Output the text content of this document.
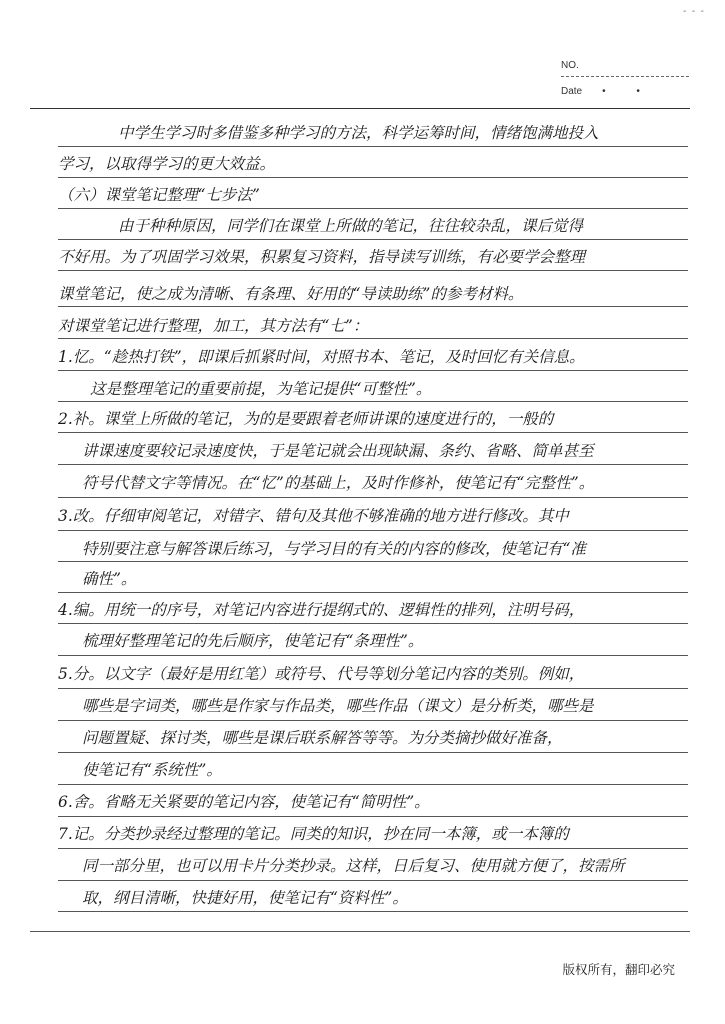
- - -
NO.
Date • •
中学生学习时多借鉴多种学习的方法，科学运筹时间，情绪饱满地投入
学习，以取得学习的更大效益。
（六）课堂笔记整理“七步法”
由于种种原因，同学们在课堂上所做的笔记，往往较杂乱，课后觉得
不好用。为了巩固学习效果，积累复习资料，指导读写训练，有必要学会整理
课堂笔记，使之成为清晰、有条理、好用的“导读助练”的参考材料。
对课堂笔记进行整理，加工，其方法有“七”：
1.忆。“趁热打铁”，即课后抓紧时间，对照书本、笔记，及时回忆有关信息。
这是整理笔记的重要前提，为笔记提供“可整性”。
2.补。课堂上所做的笔记，为的是要跟着老师讲课的速度进行的，一般的
讲课速度要较记录速度快，于是笔记就会出现缺漏、条约、省略、简单甚至
符号代替文字等情况。在“忆”的基础上，及时作修补，使笔记有“完整性”。
3.改。仔细审阅笔记，对错字、错句及其他不够准确的地方进行修改。其中
特别要注意与解答课后练习，与学习目的有关的内容的修改，使笔记有“准
确性”。
4.编。用统一的序号，对笔记内容进行提纲式的、逻辑性的排列，注明号码，
梳理好整理笔记的先后顺序，使笔记有“条理性”。
5.分。以文字（最好是用红笔）或符号、代号等划分笔记内容的类别。例如，
哪些是字词类，哪些是作家与作品类，哪些作品（课文）是分析类，哪些是
问题置疑、探讨类，哪些是课后联系解答等等。为分类摘抄做好准备，
使笔记有“系统性”。
6.舍。省略无关紧要的笔记内容，使笔记有“简明性”。
7.记。分类抄录经过整理的笔记。同类的知识，抄在同一本簿，或一本簿的
同一部分里，也可以用卡片分类抄录。这样，日后复习、使用就方便了，按需所
取，纲目清晰，快捷好用，使笔记有“资料性”。
版权所有，翻印必究
